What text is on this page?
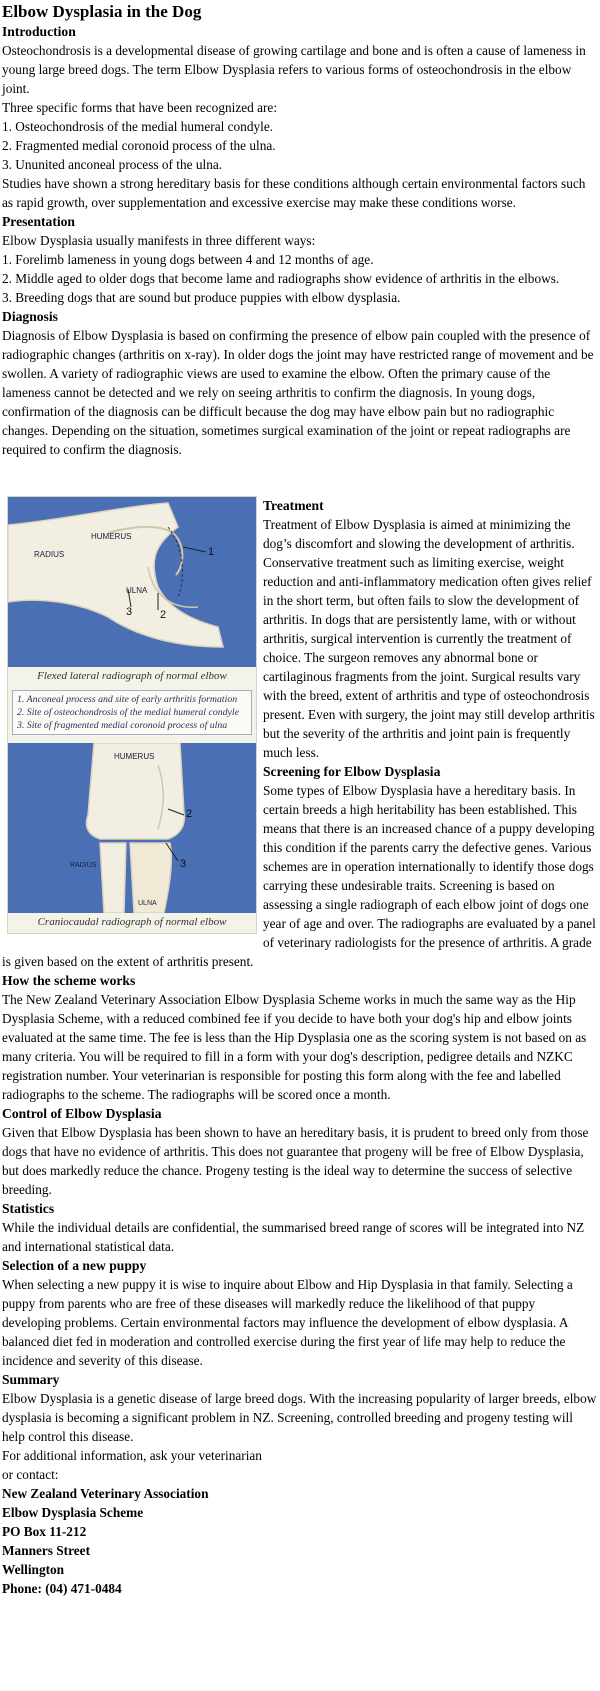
Elbow Dysplasia in the Dog
Introduction

Osteochondrosis is a developmental disease of growing cartilage and bone and is often a cause of lameness in young large breed dogs. The term Elbow Dysplasia refers to various forms of osteochondrosis in the elbow joint.

Three specific forms that have been recognized are:

1. Osteochondrosis of the medial humeral condyle.

2. Fragmented medial coronoid process of the ulna.

3. Ununited anconeal process of the ulna.

Studies have shown a strong hereditary basis for these conditions although certain environmental factors such as rapid growth, over supplementation and excessive exercise may make these conditions worse.

Presentation

Elbow Dysplasia usually manifests in three different ways:

1. Forelimb lameness in young dogs between 4 and 12 months of age.

2. Middle aged to older dogs that become lame and radiographs show evidence of arthritis in the elbows.

3. Breeding dogs that are sound but produce puppies with elbow dysplasia.

Diagnosis

Diagnosis of Elbow Dysplasia is based on confirming the presence of elbow pain coupled with the presence of radiographic changes (arthritis on x-ray). In older dogs the joint may have restricted range of movement and be swollen. A variety of radiographic views are used to examine the elbow. Often the primary cause of the lameness cannot be detected and we rely on seeing arthritis to confirm the diagnosis. In young dogs, confirmation of the diagnosis can be difficult because the dog may have elbow pain but no radiographic changes. Depending on the situation, sometimes surgical examination of the joint or repeat radiographs are required to confirm the diagnosis.

HUMERUS
RADIUS
ULNA
1
2
3
Flexed lateral radiograph of normal elbow
1. Anconeal process and site of early arthritis formation
2. Site of osteochondrosis of the medial humeral condyle
3. Site of fragmented medial coronoid process of ulna
HUMERUS
RADIUS
ULNA
2
3
Craniocaudal radiograph of normal elbow
Treatment

Treatment of Elbow Dysplasia is aimed at minimizing the dog’s discomfort and slowing the development of arthritis. Conservative treatment such as limiting exercise, weight reduction and anti-inflammatory medication often gives relief in the short term, but often fails to slow the development of arthritis. In dogs that are persistently lame, with or without arthritis, surgical intervention is currently the treatment of choice. The surgeon removes any abnormal bone or cartilaginous fragments from the joint. Surgical results vary with the breed, extent of arthritis and type of osteochondrosis present. Even with surgery, the joint may still develop arthritis but the severity of the arthritis and joint pain is frequently much less.

Screening for Elbow Dysplasia

Some types of Elbow Dysplasia have a hereditary basis. In certain breeds a high heritability has been established. This means that there is an increased chance of a puppy developing this condition if the parents carry the defective genes. Various schemes are in operation internationally to identify those dogs carrying these undesirable traits. Screening is based on assessing a single radiograph of each elbow joint of dogs one year of age and over. The radiographs are evaluated by a panel of veterinary radiologists for the presence of arthritis. A grade is given based on the extent of arthritis present.

How the scheme works

The New Zealand Veterinary Association Elbow Dysplasia Scheme works in much the same way as the Hip Dysplasia Scheme, with a reduced combined fee if you decide to have both your dog's hip and elbow joints evaluated at the same time. The fee is less than the Hip Dysplasia one as the scoring system is not based on as many criteria. You will be required to fill in a form with your dog's description, pedigree details and NZKC registration number. Your veterinarian is responsible for posting this form along with the fee and labelled radiographs to the scheme. The radiographs will be scored once a month.

Control of Elbow Dysplasia

Given that Elbow Dysplasia has been shown to have an hereditary basis, it is prudent to breed only from those dogs that have no evidence of arthritis. This does not guarantee that progeny will be free of Elbow Dysplasia, but does markedly reduce the chance. Progeny testing is the ideal way to determine the success of selective breeding.

Statistics

While the individual details are confidential, the summarised breed range of scores will be integrated into NZ and international statistical data.

Selection of a new puppy

When selecting a new puppy it is wise to inquire about Elbow and Hip Dysplasia in that family. Selecting a puppy from parents who are free of these diseases will markedly reduce the likelihood of that puppy developing problems. Certain environmental factors may influence the development of elbow dysplasia. A balanced diet fed in moderation and controlled exercise during the first year of life may help to reduce the incidence and severity of this disease.

Summary

Elbow Dysplasia is a genetic disease of large breed dogs. With the increasing popularity of larger breeds, elbow dysplasia is becoming a significant problem in NZ. Screening, controlled breeding and progeny testing will help control this disease.

For additional information, ask your veterinarian

or contact:

New Zealand Veterinary Association
Elbow Dysplasia Scheme
PO Box 11-212
Manners Street
Wellington
Phone: (04) 471-0484
